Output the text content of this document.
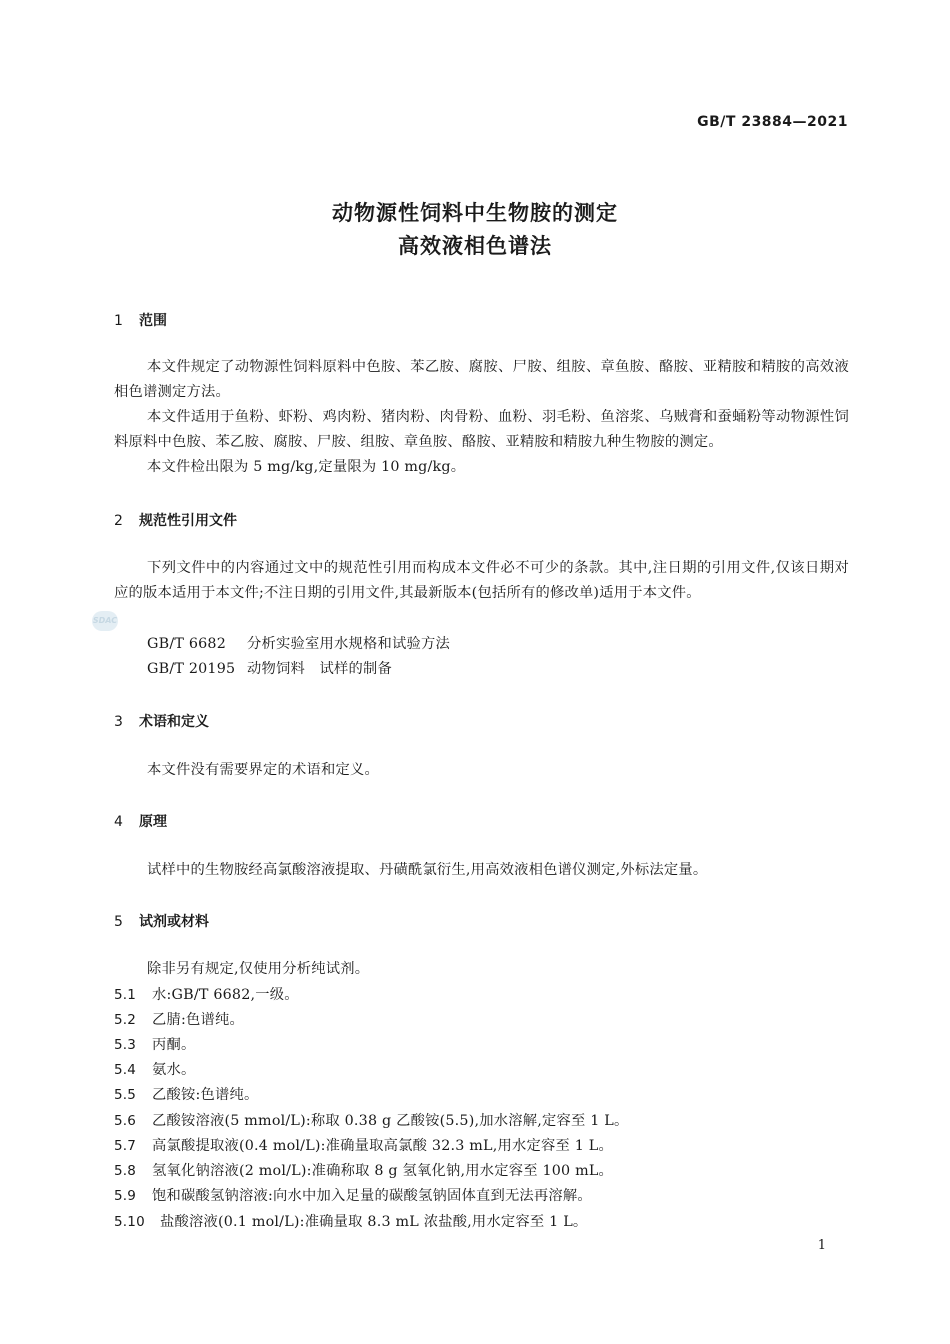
GB/T 23884—2021
动物源性饲料中生物胺的测定
高效液相色谱法
1 范围
本文件规定了动物源性饲料原料中色胺、苯乙胺、腐胺、尸胺、组胺、章鱼胺、酪胺、亚精胺和精胺的高效液相色谱测定方法。
本文件适用于鱼粉、虾粉、鸡肉粉、猪肉粉、肉骨粉、血粉、羽毛粉、鱼溶浆、乌贼膏和蚕蛹粉等动物源性饲料原料中色胺、苯乙胺、腐胺、尸胺、组胺、章鱼胺、酪胺、亚精胺和精胺九种生物胺的测定。
本文件检出限为 5 mg/kg,定量限为 10 mg/kg。
2 规范性引用文件
SDAC
下列文件中的内容通过文中的规范性引用而构成本文件必不可少的条款。其中,注日期的引用文件,仅该日期对应的版本适用于本文件;不注日期的引用文件,其最新版本(包括所有的修改单)适用于本文件。
GB/T 6682 分析实验室用水规格和试验方法
GB/T 20195 动物饲料　试样的制备
3 术语和定义
本文件没有需要界定的术语和定义。
4 原理
试样中的生物胺经高氯酸溶液提取、丹磺酰氯衍生,用高效液相色谱仪测定,外标法定量。
5 试剂或材料
除非另有规定,仅使用分析纯试剂。
5.1 水:GB/T 6682,一级。
5.2 乙腈:色谱纯。
5.3 丙酮。
5.4 氨水。
5.5 乙酸铵:色谱纯。
5.6 乙酸铵溶液(5 mmol/L):称取 0.38 g 乙酸铵(5.5),加水溶解,定容至 1 L。
5.7 高氯酸提取液(0.4 mol/L):准确量取高氯酸 32.3 mL,用水定容至 1 L。
5.8 氢氧化钠溶液(2 mol/L):准确称取 8 g 氢氧化钠,用水定容至 100 mL。
5.9 饱和碳酸氢钠溶液:向水中加入足量的碳酸氢钠固体直到无法再溶解。
5.10 盐酸溶液(0.1 mol/L):准确量取 8.3 mL 浓盐酸,用水定容至 1 L。
1
